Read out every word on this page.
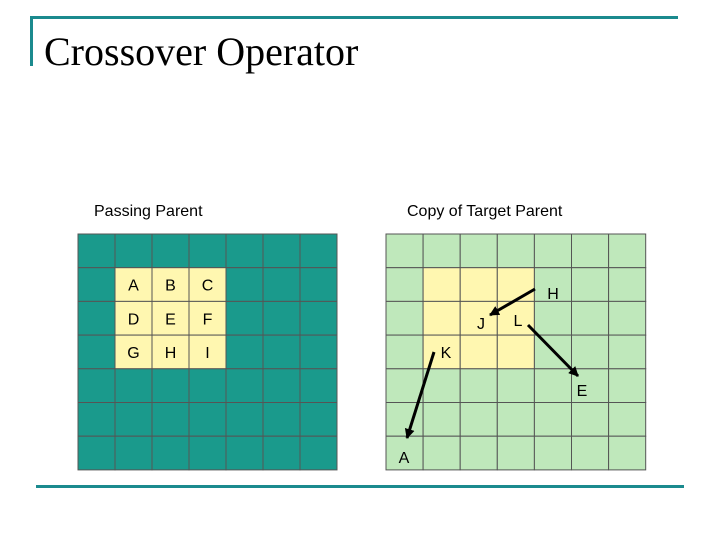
Crossover Operator
Passing Parent	Copy of Target Parent
A B C
D E F
G H I
H
J L
K
E
A
